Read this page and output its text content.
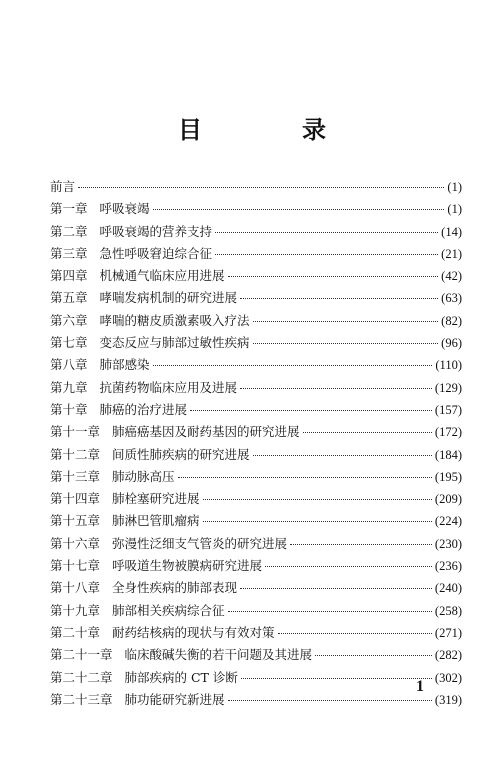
目　录
前言	(1)
第一章 呼吸衰竭	(1)
第二章 呼吸衰竭的营养支持	(14)
第三章 急性呼吸窘迫综合征	(21)
第四章 机械通气临床应用进展	(42)
第五章 哮喘发病机制的研究进展	(63)
第六章 哮喘的糖皮质激素吸入疗法	(82)
第七章 变态反应与肺部过敏性疾病	(96)
第八章 肺部感染	(110)
第九章 抗菌药物临床应用及进展	(129)
第十章 肺癌的治疗进展	(157)
第十一章 肺癌癌基因及耐药基因的研究进展	(172)
第十二章 间质性肺疾病的研究进展	(184)
第十三章 肺动脉高压	(195)
第十四章 肺栓塞研究进展	(209)
第十五章 肺淋巴管肌瘤病	(224)
第十六章 弥漫性泛细支气管炎的研究进展	(230)
第十七章 呼吸道生物被膜病研究进展	(236)
第十八章 全身性疾病的肺部表现	(240)
第十九章 肺部相关疾病综合征	(258)
第二十章 耐药结核病的现状与有效对策	(271)
第二十一章 临床酸碱失衡的若干问题及其进展	(282)
第二十二章 肺部疾病的 CT 诊断	(302)
第二十三章 肺功能研究新进展	(319)
1
